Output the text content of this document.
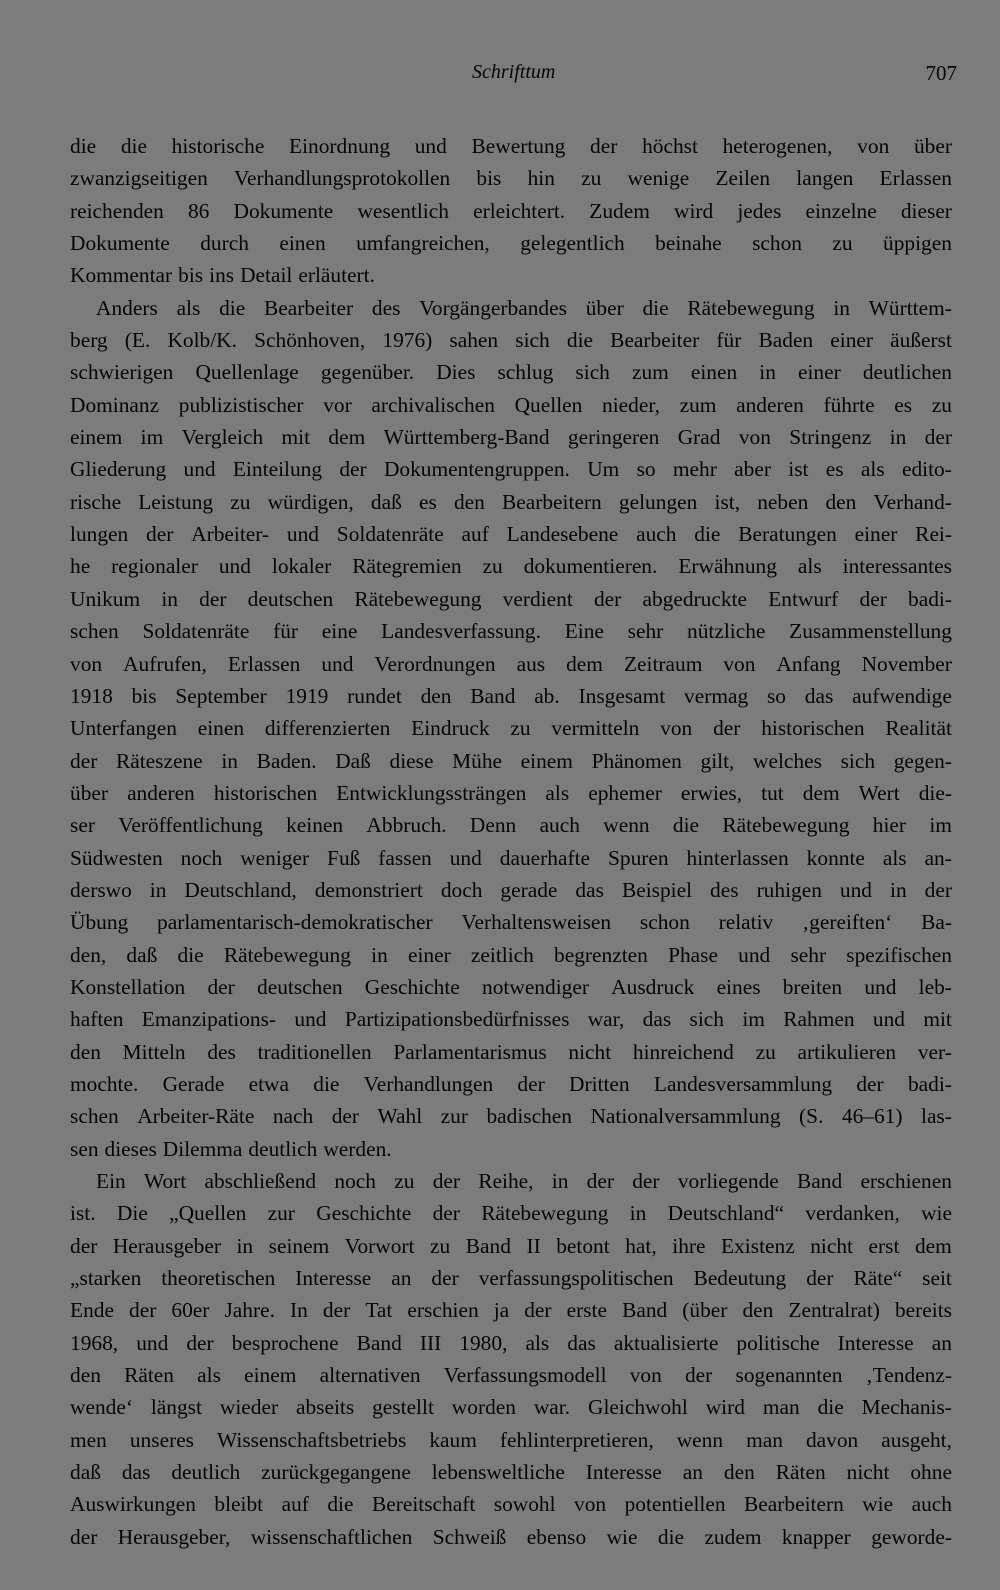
Schrifttum	707
die die historische Einordnung und Bewertung der höchst heterogenen, von über
zwanzigseitigen Verhandlungsprotokollen bis hin zu wenige Zeilen langen Erlassen
reichenden 86 Dokumente wesentlich erleichtert. Zudem wird jedes einzelne dieser
Dokumente durch einen umfangreichen, gelegentlich beinahe schon zu üppigen
Kommentar bis ins Detail erläutert.
Anders als die Bearbeiter des Vorgängerbandes über die Rätebewegung in Württem-
berg (E. Kolb/K. Schönhoven, 1976) sahen sich die Bearbeiter für Baden einer äußerst
schwierigen Quellenlage gegenüber. Dies schlug sich zum einen in einer deutlichen
Dominanz publizistischer vor archivalischen Quellen nieder, zum anderen führte es zu
einem im Vergleich mit dem Württemberg-Band geringeren Grad von Stringenz in der
Gliederung und Einteilung der Dokumentengruppen. Um so mehr aber ist es als edito-
rische Leistung zu würdigen, daß es den Bearbeitern gelungen ist, neben den Verhand-
lungen der Arbeiter- und Soldatenräte auf Landesebene auch die Beratungen einer Rei-
he regionaler und lokaler Rätegremien zu dokumentieren. Erwähnung als interessantes
Unikum in der deutschen Rätebewegung verdient der abgedruckte Entwurf der badi-
schen Soldatenräte für eine Landesverfassung. Eine sehr nützliche Zusammenstellung
von Aufrufen, Erlassen und Verordnungen aus dem Zeitraum von Anfang November
1918 bis September 1919 rundet den Band ab. Insgesamt vermag so das aufwendige
Unterfangen einen differenzierten Eindruck zu vermitteln von der historischen Realität
der Räteszene in Baden. Daß diese Mühe einem Phänomen gilt, welches sich gegen-
über anderen historischen Entwicklungssträngen als ephemer erwies, tut dem Wert die-
ser Veröffentlichung keinen Abbruch. Denn auch wenn die Rätebewegung hier im
Südwesten noch weniger Fuß fassen und dauerhafte Spuren hinterlassen konnte als an-
derswo in Deutschland, demonstriert doch gerade das Beispiel des ruhigen und in der
Übung parlamentarisch-demokratischer Verhaltensweisen schon relativ ‚gereiften‘ Ba-
den, daß die Rätebewegung in einer zeitlich begrenzten Phase und sehr spezifischen
Konstellation der deutschen Geschichte notwendiger Ausdruck eines breiten und leb-
haften Emanzipations- und Partizipationsbedürfnisses war, das sich im Rahmen und mit
den Mitteln des traditionellen Parlamentarismus nicht hinreichend zu artikulieren ver-
mochte. Gerade etwa die Verhandlungen der Dritten Landesversammlung der badi-
schen Arbeiter-Räte nach der Wahl zur badischen Nationalversammlung (S. 46–61) las-
sen dieses Dilemma deutlich werden.
Ein Wort abschließend noch zu der Reihe, in der der vorliegende Band erschienen
ist. Die „Quellen zur Geschichte der Rätebewegung in Deutschland“ verdanken, wie
der Herausgeber in seinem Vorwort zu Band II betont hat, ihre Existenz nicht erst dem
„starken theoretischen Interesse an der verfassungspolitischen Bedeutung der Räte“ seit
Ende der 60er Jahre. In der Tat erschien ja der erste Band (über den Zentralrat) bereits
1968, und der besprochene Band III 1980, als das aktualisierte politische Interesse an
den Räten als einem alternativen Verfassungsmodell von der sogenannten ‚Tendenz-
wende‘ längst wieder abseits gestellt worden war. Gleichwohl wird man die Mechanis-
men unseres Wissenschaftsbetriebs kaum fehlinterpretieren, wenn man davon ausgeht,
daß das deutlich zurückgegangene lebensweltliche Interesse an den Räten nicht ohne
Auswirkungen bleibt auf die Bereitschaft sowohl von potentiellen Bearbeitern wie auch
der Herausgeber, wissenschaftlichen Schweiß ebenso wie die zudem knapper geworde-
